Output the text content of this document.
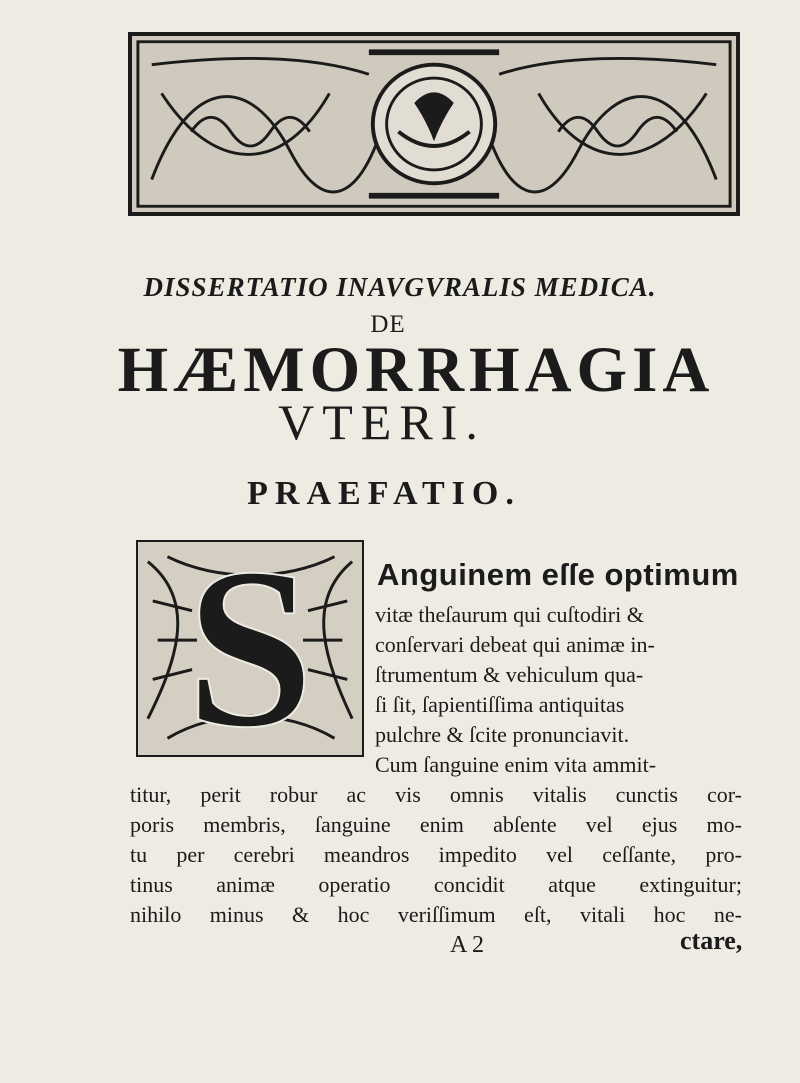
DISSERTATIO INAVGVRALIS MEDICA.
DE
HÆMORRHAGIA
VTERI.
PRAEFATIO.
S	Anguinem eſſe optimum
vitæ theſaurum qui cuſtodiri &
conſervari debeat qui animæ in-
ſtrumentum & vehiculum qua-
ſi ſit, ſapientiſſima antiquitas
pulchre & ſcite pronunciavit.
Cum ſanguine enim vita ammit-
titur, perit robur ac vis omnis vitalis cunctis cor-
poris membris, ſanguine enim abſente vel ejus mo-
tu per cerebri meandros impedito vel ceſſante, pro-
tinus animæ operatio concidit atque extinguitur;
nihilo minus & hoc veriſſimum eſt, vitali hoc ne-
A 2	ctare,
